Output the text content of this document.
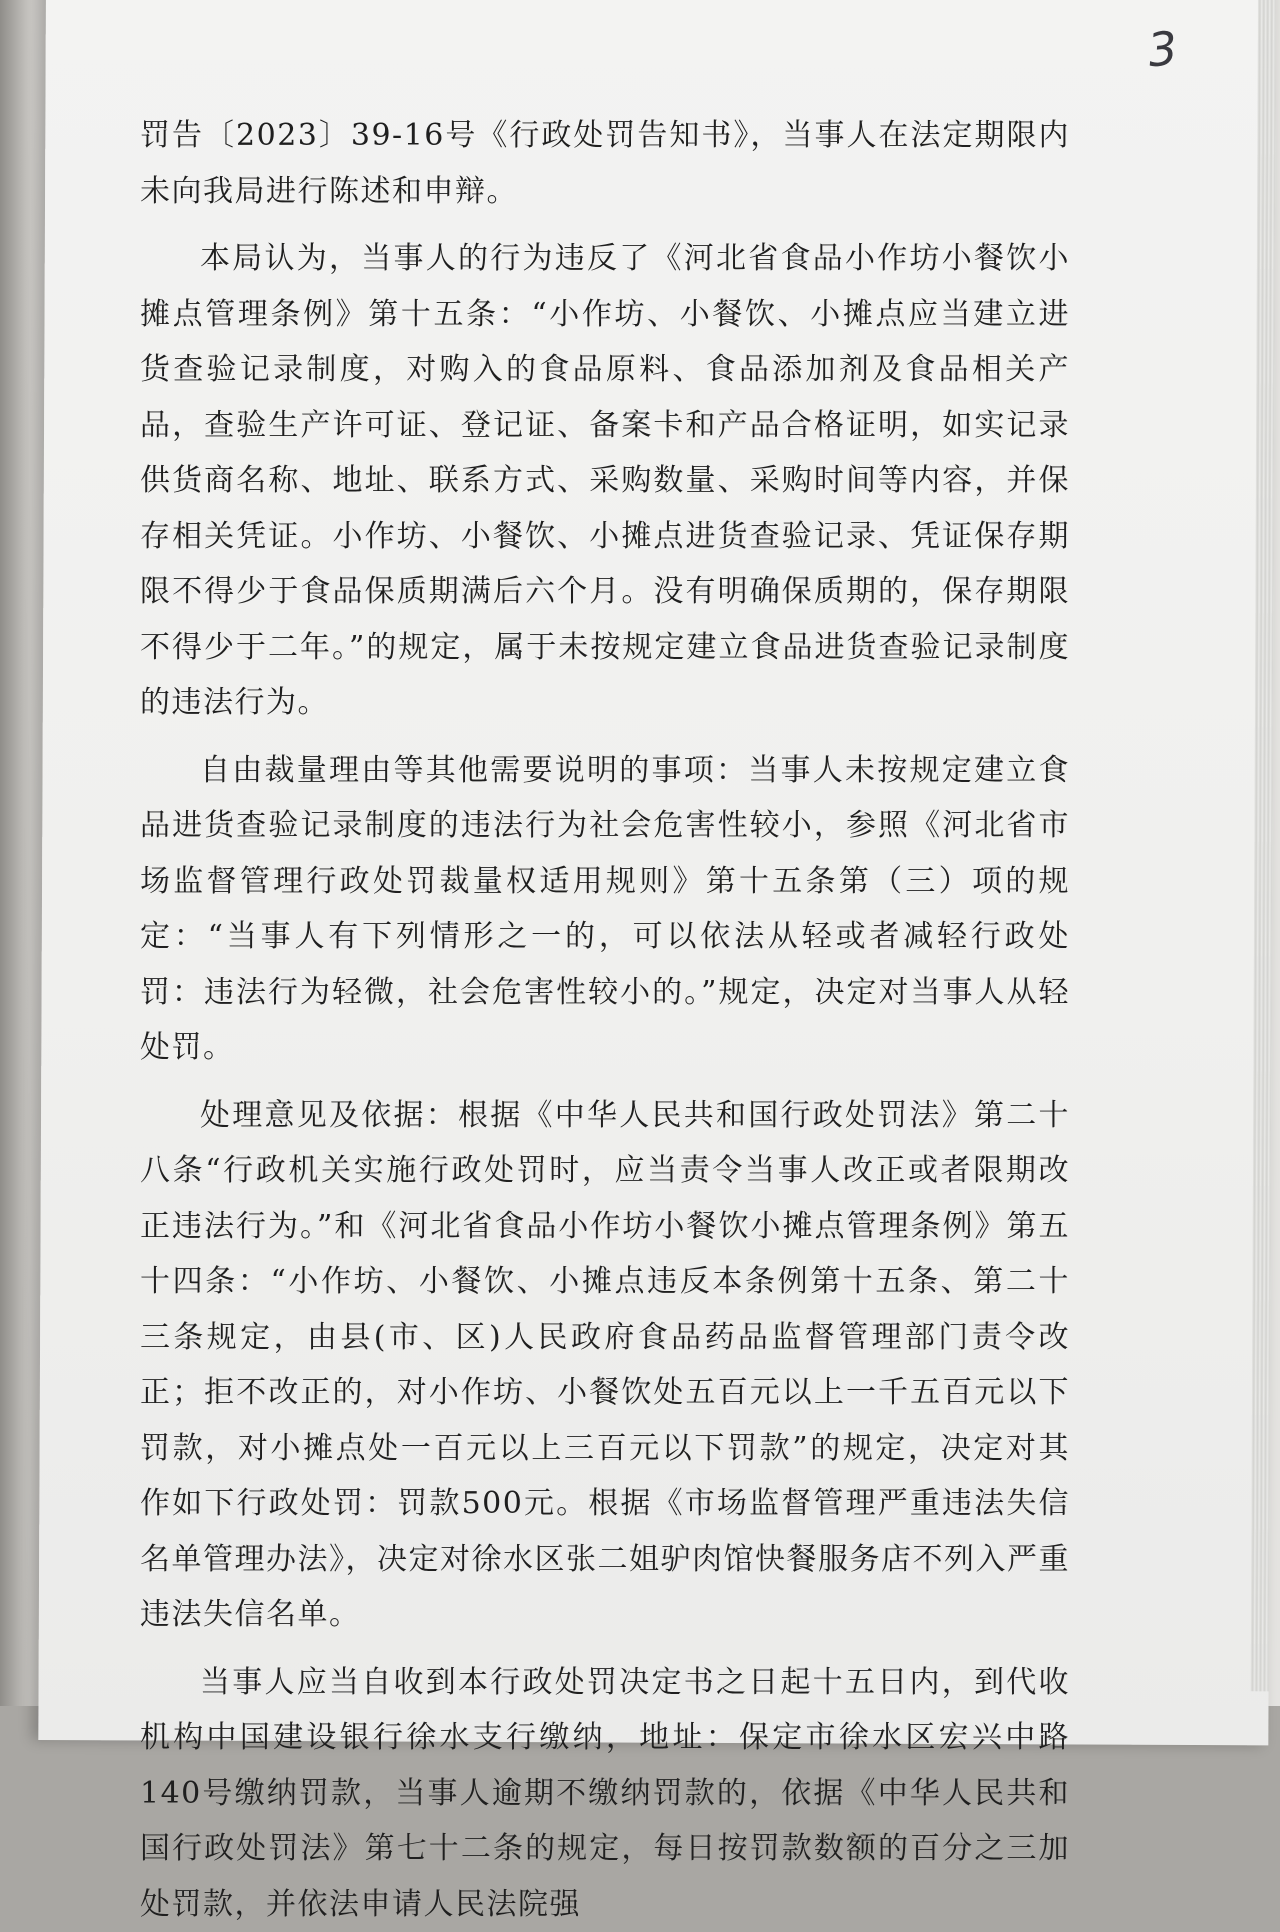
3

罚告〔2023〕39-16号《行政处罚告知书》，当事人在法定期限内未向我局进行陈述和申辩。

本局认为，当事人的行为违反了《河北省食品小作坊小餐饮小摊点管理条例》第十五条：“小作坊、小餐饮、小摊点应当建立进货查验记录制度，对购入的食品原料、食品添加剂及食品相关产品，查验生产许可证、登记证、备案卡和产品合格证明，如实记录供货商名称、地址、联系方式、采购数量、采购时间等内容，并保存相关凭证。小作坊、小餐饮、小摊点进货查验记录、凭证保存期限不得少于食品保质期满后六个月。没有明确保质期的，保存期限不得少于二年。”的规定，属于未按规定建立食品进货查验记录制度的违法行为。

自由裁量理由等其他需要说明的事项：当事人未按规定建立食品进货查验记录制度的违法行为社会危害性较小，参照《河北省市场监督管理行政处罚裁量权适用规则》第十五条第（三）项的规定：“当事人有下列情形之一的，可以依法从轻或者减轻行政处罚：违法行为轻微，社会危害性较小的。”规定，决定对当事人从轻处罚。

处理意见及依据：根据《中华人民共和国行政处罚法》第二十八条“行政机关实施行政处罚时，应当责令当事人改正或者限期改正违法行为。”和《河北省食品小作坊小餐饮小摊点管理条例》第五十四条：“小作坊、小餐饮、小摊点违反本条例第十五条、第二十三条规定，由县(市、区)人民政府食品药品监督管理部门责令改正；拒不改正的，对小作坊、小餐饮处五百元以上一千五百元以下罚款，对小摊点处一百元以上三百元以下罚款”的规定，决定对其作如下行政处罚：罚款500元。根据《市场监督管理严重违法失信名单管理办法》，决定对徐水区张二姐驴肉馆快餐服务店不列入严重违法失信名单。

当事人应当自收到本行政处罚决定书之日起十五日内，到代收机构中国建设银行徐水支行缴纳，地址：保定市徐水区宏兴中路140号缴纳罚款，当事人逾期不缴纳罚款的，依据《中华人民共和国行政处罚法》第七十二条的规定，每日按罚款数额的百分之三加处罚款，并依法申请人民法院强
